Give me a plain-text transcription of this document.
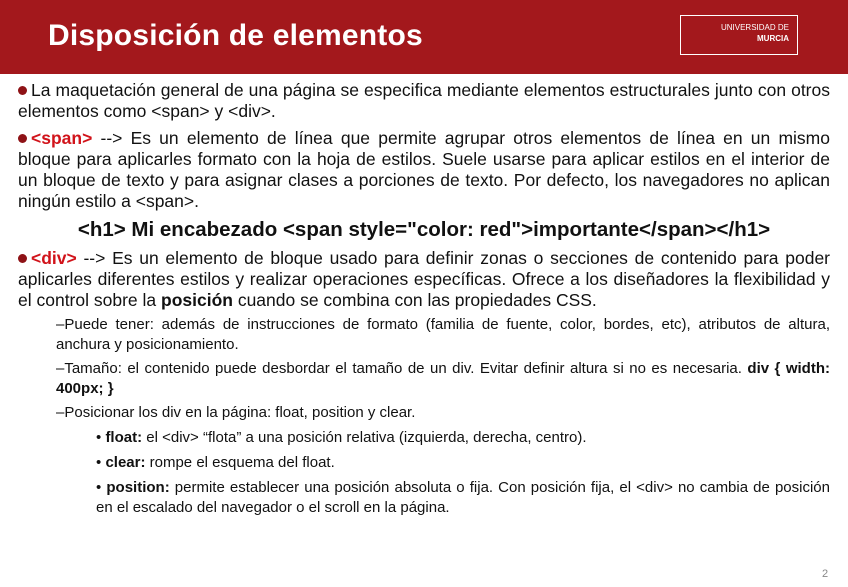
Disposición de elementos	UNIVERSIDAD DE
MURCIA

La maquetación general de una página se especifica mediante elementos estructurales junto con otros elementos como <span> y <div>.

<span> --> Es un elemento de línea que permite agrupar otros elementos de línea en un mismo bloque para aplicarles formato con la hoja de estilos. Suele usarse para aplicar estilos en el interior de un bloque de texto y para asignar clases a porciones de texto. Por defecto, los navegadores no aplican ningún estilo a <span>.

<h1> Mi encabezado <span style="color: red">importante</span></h1>

<div> --> Es un elemento de bloque usado para definir zonas o secciones de contenido para poder aplicarles diferentes estilos y realizar operaciones específicas. Ofrece a los diseñadores la flexibilidad y el control sobre la posición cuando se combina con las propiedades CSS.

–Puede tener: además de instrucciones de formato (familia de fuente, color, bordes, etc), atributos de altura, anchura y posicionamiento.

–Tamaño: el contenido puede desbordar el tamaño de un div. Evitar definir altura si no es necesaria. div { width: 400px; }

–Posicionar los div en la página: float, position y clear.

• float: el <div> “flota” a una posición relativa (izquierda, derecha, centro).

• clear: rompe el esquema del float.

• position: permite establecer una posición absoluta o fija. Con posición fija, el <div> no cambia de posición en el escalado del navegador o el scroll en la página.

2
